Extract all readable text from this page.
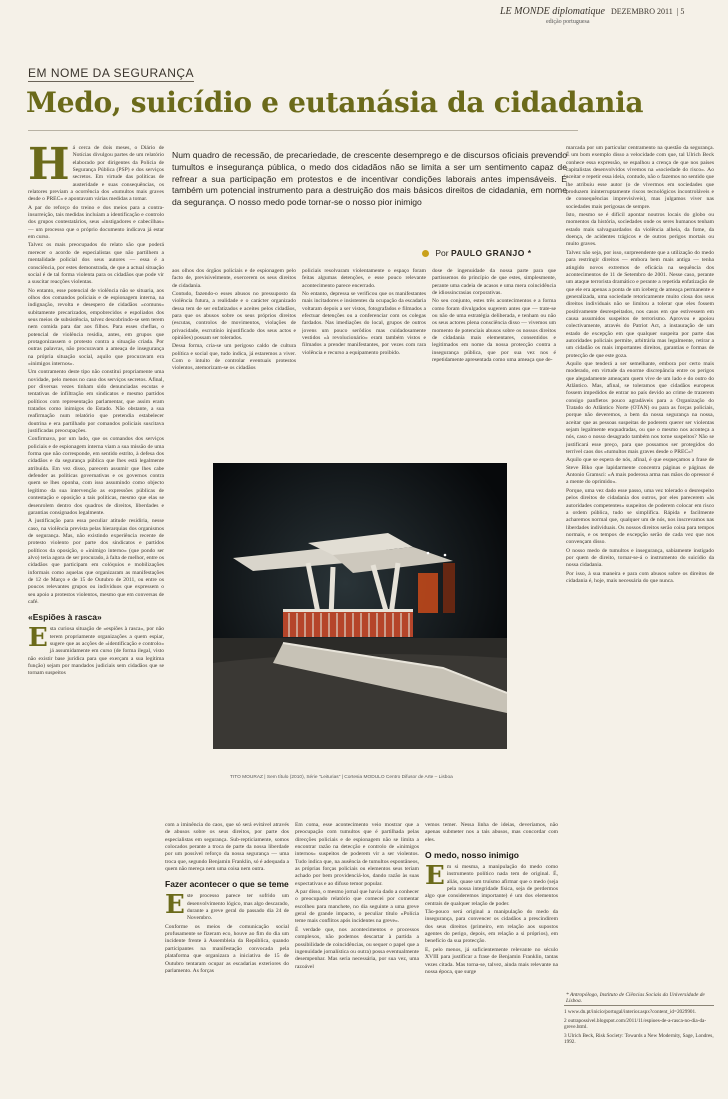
LE MONDE diplomatique DEZEMBRO 2011  | 5
edição portuguesa
EM NOME DA SEGURANÇA
Medo, suicídio e eutanásia da cidadania
Num quadro de recessão, de precariedade, de crescente desemprego e de discursos oficiais prevendo tumultos e insegurança pública, o medo dos cidadãos não se limita a ser um sentimento capaz de refrear a sua participação em protestos e de incentivar condições laborais antes impensáveis. É também um potencial instrumento para a destruição dos mais básicos direitos de cidadania, em nome da segurança. O nosso medo pode tornar-se o nosso pior inimigo
Por PAULO GRANJO *
H á cerca de dois meses, o Diário de Notícias divulgou partes de um relatório elaborado por dirigentes da Polícia de Segurança Pública (PSP) e dos serviços secretos. Em virtude das políticas de austeridade e suas consequências, os relatores previam a ocorrência dos «tumultos mais graves desde o PREC» e apontavam várias medidas a tomar.

A par do reforço do treino e dos meios para a contra-insurreição, tais medidas incluíam a identificação e controlo dos grupos contestatários, seus «instigadores e cabecilhas» — um processo que o próprio documento indicava já estar em curso.

Talvez os mais preocupados do relato são que poderá merecer o acordo de especialistas que não partilhem a mentalidade policial dos seus autores — essa é a consciência, por estes demonstrada, de que a actual situação social é de tal forma violenta para os cidadãos que pode vir a suscitar reacções violentas.

No entanto, esse potencial de violência não se situaria, aos olhos dos comandos policiais e de espionagem interna, na indignação, revolta e desespero de cidadãos «comuns» subitamente precarizados, empobrecidos e espoliados dos seus meios de subsistência, talvez descobrindo-se sem terem nem comida para dar aos filhos. Para esses cheflas, o potencial de violência residia, antes, em grupos que protagonizassem o protesto contra a situação criada. Por outras palavras, não procuravam a ameaça de insegurança na própria situação social, aquilo que procuravam era «inimigos internos».

Um contramento deste tipo não constitui propriamente uma novidade, pelo menos no caso dos serviços secretos. Afinal, por diversas vezes tinham sido denunciadas escutas e tentativas de infiltração em sindicatos e mesmo partidos políticos com representação parlamentar, que assim eram tratados como inimigos do Estado. Não obstante, a sua reafirmação num relatório que pretendia estabelecer doutrina e era partilhado por comandos policiais suscitava justificadas preocupações.

Confirmava, por um lado, que os comandos dos serviços policiais e de espionagem interna viam a sua missão de uma forma que não corresponde, em sentido estrito, à defesa dos cidadãos e da segurança pública que lhes está legalmente atribuída. Em vez disso, parecem assumir que lhes cabe defender as políticas governativas e os governos contra quem se lhes oponha, com isso assumindo como objecto legítimo da sua intervenção as expressões públicas de contestação e oposição a tais políticas, mesmo que elas se desenrolem dentro dos quadros de direitos, liberdades e garantias consignados legalmente.

A justificação para essa peculiar atitude residiria, nesse caso, na violência prevista pelas hierarquias dos organismos de segurança. Mas, não existindo experiência recente de protesto violento por parte dos sindicatos e partidos políticos da oposição, o «inimigo interno» (que pondo ser alvo) teria agora de ser procurado, à falta de melhor, entre os cidadãos que participam em colóquios e mobilizações informais como aquelas que organizaram as manifestações de 12 de Março e de 15 de Outubro de 2011, ou entre os poucos relevantes grupos ou indivíduos que expressem o seu apoio a protestos violentos, mesmo que em conversas de café.

«Espiões à rasca»
E sta curiosa situação de «espiões à rasca», por não terem propriamente organizações a quem espiar, sugere que as acções de «identificação e controlo» já assumidamente em curso (de forma ilegal, visto não existir base jurídica para que exerçam a sua legítima função) sejam por mandados judiciais sem cidadãos que se tornam suspeitos

aos olhos dos órgãos policiais e de espionagem pelo facto de, previsivelmente, exercerem os seus direitos de cidadania.

Contudo, fazendo-o esses abusos no pressuposto da violência futura, a realidade e o carácter organizado dessa tem de ser enfatizados e aceites pelos cidadãos, para que os abusos sobre os seus próprios direitos (escutas, controlos de movimentos, violações de privacidade, escrutínio injustificado dos seus actos e opiniões) possam ser tolerados.

Dessa forma, cria-se um perigoso caldo de cultura política e social que, tudo indica, já estaremos a viver. Com o intuito de controlar eventuais protestos violentos, atemorizam-se os cidadãos

policiais resolvaram violentamente o espaço foram feitas algumas detenções, e esse pouco relevante acontecimento parece encerrado.

No entanto, depressa se verificou que os manifestantes mais incitadores e insistentes da ocupação da escadaria voltaram depois a ser vistos, fotografados e filmados a efectuar detenções ou a conferenciar com os colegas fardados. Nas imediações do local, grupos de outros jovens um pouco serôdios mas cuidadosamente vestidos «à revolucionário» eram também vistos e filmados a prender manifestantes, por vezes com rara violência e recurso a equipamento proibido.

dose de ingenuidade da nossa parte para que partissemos do princípio de que estes, simplesmente, perante uma cadeia de acasos e uma mera coincidência de idiossincrasias corporativas.

No seu conjunto, estes três acontecimentos e a forma como foram divulgados sugerem antes que — trate-se ou não de uma estratégia deliberada, e tenham ou não os seus actores plena consciência disso — vivemos um momento de potenciais abusos sobre os nossos direitos de cidadania mais elementares, consentidos e legitimados em nome da nossa protecção contra a insegurança pública, que por sua vez nos é repetidamente apresentada como uma ameaça que de-

marcada por um particular centramento na questão da segurança. É um bom exemplo disso a velocidade com que, tal Ulrich Beck conhece essa expressão, se espalhou a crença de que nos países capitalistas desenvolvidos vivemos na «sociedade do risco». Ao aceitar e repetir essa ideia, contudo, não o fazemos no sentido que lhe atribuiu esse autor (o de vivermos em sociedades que produzem ininterruptamente riscos tecnológicos incontroláveis e de consequências imprevisíveis), mas julgamos viver nas sociedades mais perigosas de sempre.

Isto, mesmo se é difícil apontar noutros locais do globo ou momentos da história, sociedades onde os seres humanos tenham estado mais salvaguardados da violência alheia, da fome, da doença, de acidentes trágicos e de outros perigos mortais ou muito graves.

Talvez não seja, por isso, surpreendente que a utilização do medo para restringir direitos — embora bem mais antiga — tenha atingido novos extremos de eficácia na sequência dos acontecimentos de 11 de Setembro de 2001. Nesse caso, perante um ataque terrorista dramático e perante a repetida enfatização de que ele era apenas a ponta de um iceberg de ameaça permanente e generalizada, uma sociedade retoricamente muito ciosa dos seus direitos individuais não se limitou a tolerar que eles fossem positivamente desrespeitados, nos casos em que estivessem em causa assumidos suspeitos de terrorismo. Aprovou e apoiou colectivamente, através do Patriot Act, a instauração de um estado de excepção em que qualquer suspeita por parte das autoridades policiais permite, arbitrária mas legalmente, retirar a um cidadão os mais importantes direitos, garantias e formas de protecção de que este goza.

Aquilo que tenderá a ser semelhante, embora por certo mais moderado, em virtude da enorme discrepância entre os perigos que alegadamente ameaçam quem vive de um lado e do outro do Atlântico. Mas, afinal, se toleramos que cidadãos europeus fossem impedidos de entrar no país devido ao crime de trazerem consigo panfletos pouco agradáveis para a Organização do Tratado do Atlântico Norte (OTAN) ou para as forças policiais, porque não deveremos, a bem da nossa segurança na nossa, aceitar que as pessoas suspeitas de poderem querer ser violentas sejam legalmente enquadradas, ou que o mesmo nos aconteça a nós, caso o nosso desagrado também nos torne suspeitos? Não se justificará esse preço, para que possamos ser protegidos do terrível caos dos «tumultos mais graves desde o PREC»?

Aquilo que se espera de nós, afinal, é que esqueçamos a frase de Steve Biko que lapidarmente concentra páginas e páginas de Antonio Gramsci: «A mais poderosa arma nas mãos do opressor é a mente do oprimido».

Porque, uma vez dado esse passo, uma vez tolerado o desrespeito pelos direitos de cidadania dos outros, por eles parecerem «às autoridades competentes» suspeitos de poderem colocar em risco a ordem pública, tudo se simplifica. Rápida e facilmente acharemos normal que, qualquer um de nós, nos inscrevamos nas liberdades individuais. Os nossos direitos serão coisa para tempos normais, e os tempos de excepção serão de cada vez que nos convençam disso.

O nosso medo de tumultos e insegurança, sabiamente instigado por quem de direito, tornar-se-á o instrumento do suicídio da nossa cidadania.

Por isso, à sua maneira e para com abusos sobre os direitos de cidadania é, hoje, mais necessária do que nunca.

TITO MOURAZ | Sem título (2010), Série "Leiturias" | Cortesia MODULO Centro Difusor de Arte – Lisboa

com a iminência do caos, que só será evitável através de abusos sobre os seus direitos, por parte dos especialistas em segurança. Sub-repticiamente, somos colocados perante a troca de parte da nossa liberdade por um possível reforço da nossa segurança — uma troca que, segundo Benjamin Franklin, só é adequada a quem não mereça nem uma coisa nem outra.

Fazer acontecer o que se teme
E ste processo parece ter sofrido um desenvolvimento lógico, mas algo descarado, durante a greve geral do passado dia 24 de Novembro.

Conforme os meios de comunicação social profusamente se fizeram eco, houve ao fim do dia um incidente frente à Assembleia da República, quando participantes na manifestação convocada pela plataforma que organizara a iniciativa de 15 de Outubro tentaram ocupar as escadarias exteriores do parlamento. As forças

Em coma, esse acontecimento veio mostrar que a preocupação com tumultos que é partilhada pelas direcções policiais e de espionagem não se limita a encontrar razão na detecção e controlo de «inimigos internos» suspeitos de poderem vir a ser violentos. Tudo indica que, na ausência de tumultos espontâneos, as próprias forças policiais ou elementos seus teriam achado por bem providenciá-los, dando razão às suas expectativas e ao difuso temor popular.

A par disso, o mesmo jornal que havia dado a conhecer o preocupado relatório que comecei por comentar escolheu para manchete, no dia seguinte a uma greve geral de grande impacto, o peculiar título «Polícia teme mais conflitos após incidentes na greve».

É verdade que, nos acontecimentos e processos complexos, não podemos descartar à partida a possibilidade de coincidências, ou sequer o papel que a ingenuidade jornalística ou outra) possa eventualmente desempenhar. Mas seria necessária, por sua vez, uma razoável

vemos temer. Nessa linha de ideias, deveríamos, não apenas submeter nos a tais abusos, mas concordar com eles.

O medo, nosso inimigo
E m si mesma, a manipulação do medo como instrumento político nada tem de original. É, aliás, quase um truísmo afirmar que o medo (seja pela nossa integridade física, seja de perdermos algo que consideremos importante) é um dos elementos centrais de qualquer relação de poder.

Tão-pouco será original a manipulação do medo da insegurança, para convencer os cidadãos a prescindirem dos seus direitos (primeiro, em relação aos supostos agentes do perigo, depois, em relação a si próprios), em benefício da sua protecção.

E, pelo menos, já suficientemente relevante no século XVIII para justificar a frase de Benjamin Franklin, tantas vezes citada. Mas torna-se, talvez, ainda mais relevante na nossa época, que surge

* Antropólogo, Instituto de Ciências Sociais da Universidade de Lisboa.

1 www.dn.pt/inicio/portugal/interior.aspx?content_id=2029901.

2 outrapossivel.blogspot.com/2011/11/espioes-de-a-rasca-no-dia-da-greve.html.

3 Ulrich Beck, Risk Society: Towards a New Modernity, Sage, Londres, 1992.
